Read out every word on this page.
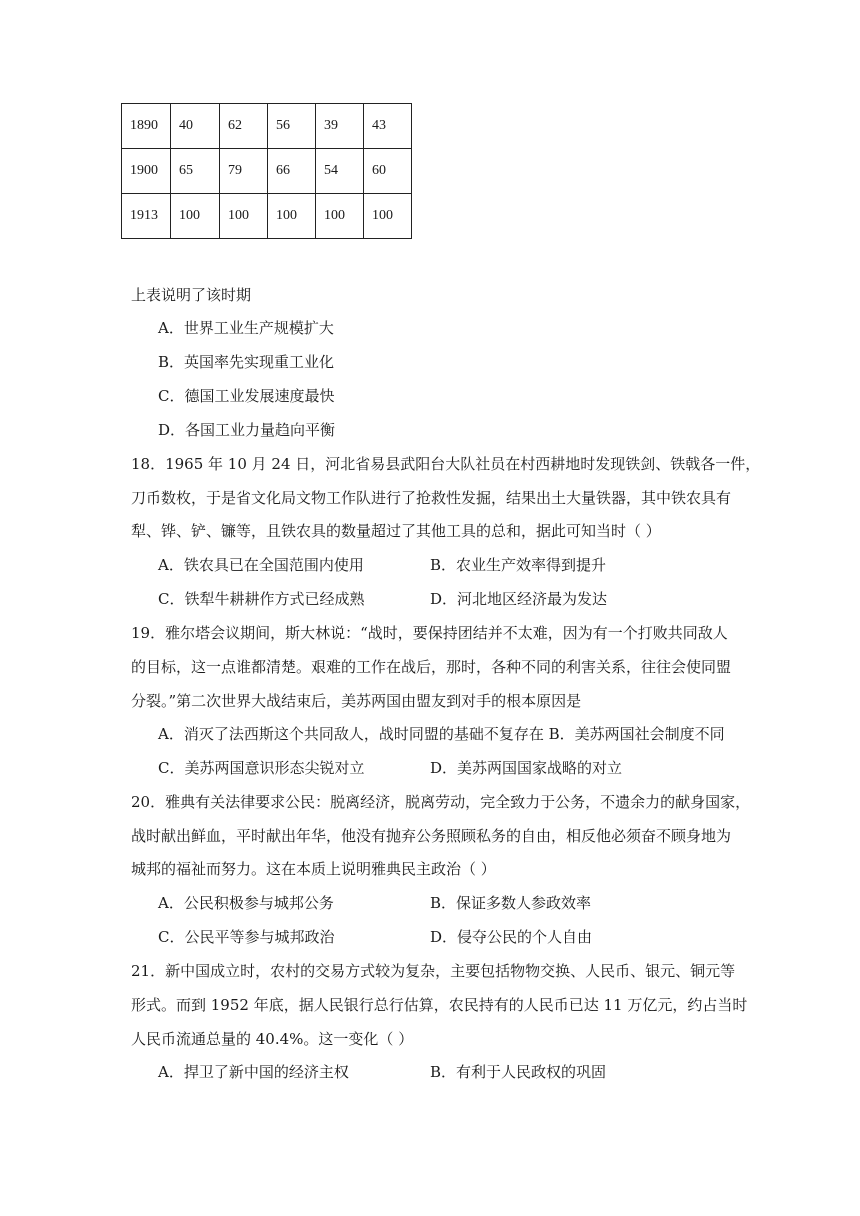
1890	40	62	56	39	43
1900	65	79	66	54	60
1913	100	100	100	100	100
上表说明了该时期
A．世界工业生产规模扩大
B．英国率先实现重工业化
C．德国工业发展速度最快
D．各国工业力量趋向平衡
18．1965 年 10 月 24 日，河北省易县武阳台大队社员在村西耕地时发现铁剑、铁戟各一件，
刀币数枚，于是省文化局文物工作队进行了抢救性发掘，结果出土大量铁器，其中铁农具有
犁、铧、铲、镰等，且铁农具的数量超过了其他工具的总和，据此可知当时（ ）
A．铁农具已在全国范围内使用	B．农业生产效率得到提升
C．铁犁牛耕耕作方式已经成熟	D．河北地区经济最为发达
19．雅尔塔会议期间，斯大林说：“战时，要保持团结并不太难，因为有一个打败共同敌人
的目标，这一点谁都清楚。艰难的工作在战后，那时，各种不同的利害关系，往往会使同盟
分裂。”第二次世界大战结束后，美苏两国由盟友到对手的根本原因是
A．消灭了法西斯这个共同敌人，战时同盟的基础不复存在 B．美苏两国社会制度不同
C．美苏两国意识形态尖锐对立	D．美苏两国国家战略的对立
20．雅典有关法律要求公民：脱离经济，脱离劳动，完全致力于公务，不遗余力的献身国家，
战时献出鲜血，平时献出年华，他没有抛弃公务照顾私务的自由，相反他必须奋不顾身地为
城邦的福祉而努力。这在本质上说明雅典民主政治（ ）
A．公民积极参与城邦公务	B．保证多数人参政效率
C．公民平等参与城邦政治	D．侵夺公民的个人自由
21．新中国成立时，农村的交易方式较为复杂，主要包括物物交换、人民币、银元、铜元等
形式。而到 1952 年底，据人民银行总行估算，农民持有的人民币已达 11 万亿元，约占当时
人民币流通总量的 40.4%。这一变化（ ）
A．捍卫了新中国的经济主权	B．有利于人民政权的巩固
